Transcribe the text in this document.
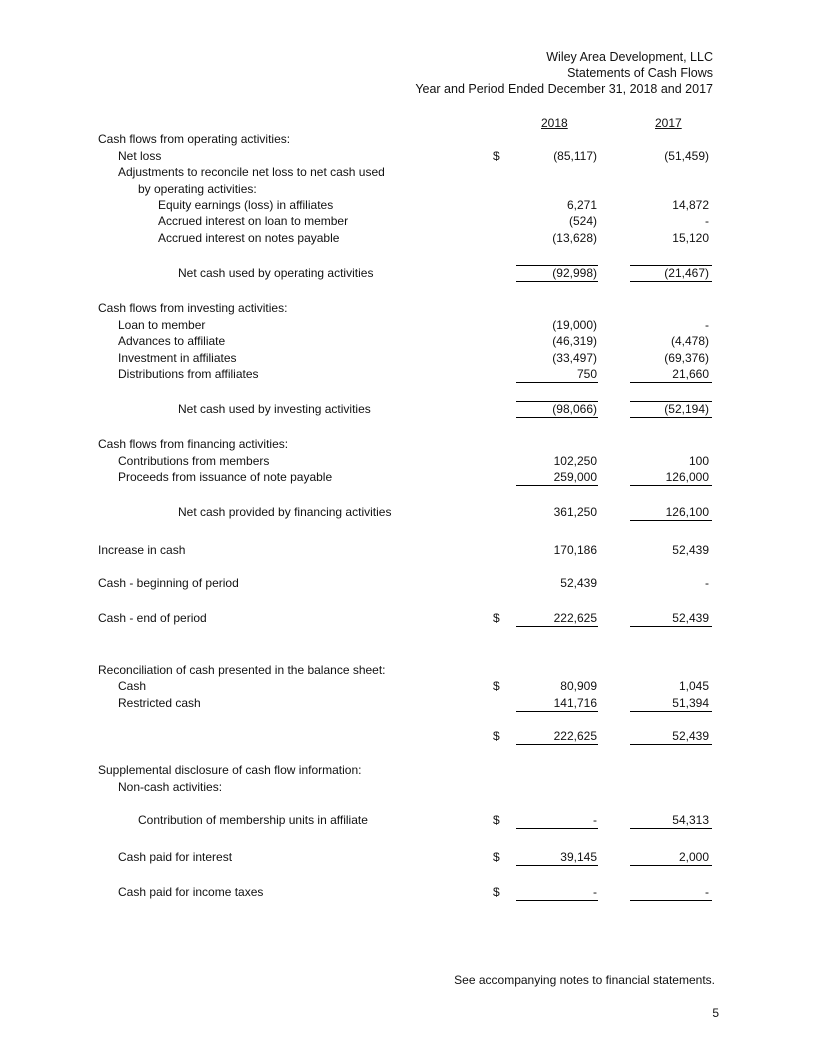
Wiley Area Development, LLC
Statements of Cash Flows
Year and Period Ended December 31, 2018 and 2017
2018	2017
Cash flows from operating activities:
Net loss	$	(85,117)	(51,459)
Adjustments to reconcile net loss to net cash used
by operating activities:
Equity earnings (loss) in affiliates	6,271	14,872
Accrued interest on loan to member	(524)	-
Accrued interest on notes payable	(13,628)	15,120
Net cash used by operating activities	(92,998)	(21,467)
Cash flows from investing activities:
Loan to member	(19,000)	-
Advances to affiliate	(46,319)	(4,478)
Investment in affiliates	(33,497)	(69,376)
Distributions from affiliates	750	21,660
Net cash used by investing activities	(98,066)	(52,194)
Cash flows from financing activities:
Contributions from members	102,250	100
Proceeds from issuance of note payable	259,000	126,000
Net cash provided by financing activities	361,250	126,100
Increase in cash	170,186	52,439
Cash - beginning of period	52,439	-
Cash - end of period	$	222,625	52,439
Reconciliation of cash presented in the balance sheet:
Cash	$	80,909	1,045
Restricted cash	141,716	51,394
$	222,625	52,439
Supplemental disclosure of cash flow information:
Non-cash activities:
Contribution of membership units in affiliate	$	-	54,313
Cash paid for interest	$	39,145	2,000
Cash paid for income taxes	$	-	-
See accompanying notes to financial statements.
5
